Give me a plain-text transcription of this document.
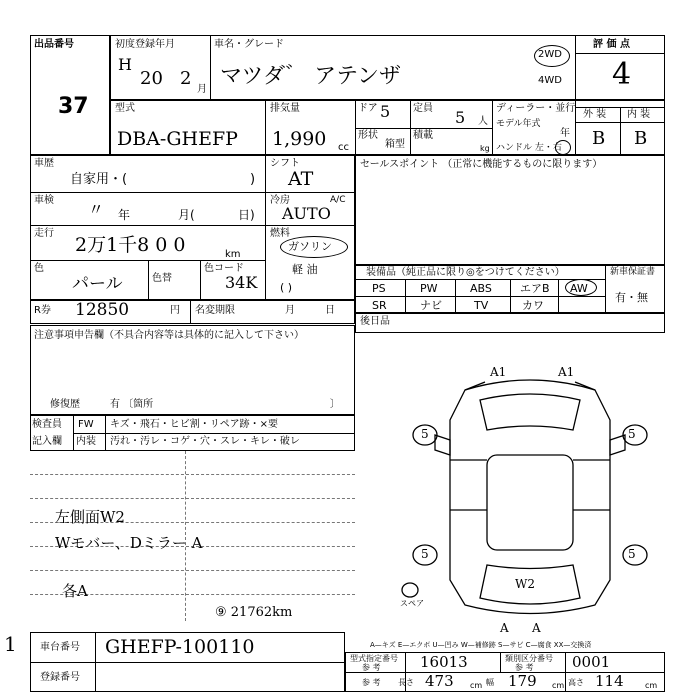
出品番号
37
初度登録年月
H
20 2
月
車名・グレード
マツダ゛ アテンザ
2WD
4WD
評 価 点
4
型式
DBA-GHEFP
排気量
1,990 cc
ドア 5 定員 5 人
ディーラー・並行
モデル年式
年
外 装 内 装
B B
形状
箱型
積載
kg ハンドル 左・右
車歴
自家用・(	)
シフト
AT
車検 〃 年	月(	日)
冷房	A/C
AUTO
走行
2万1千8 0 0	km
燃料
ガソリン
軽 油
( )
色
パール	色替
色コード
34K
R券 12850	円 名変期限	月	日
セールスポイント （正常に機能するものに限ります）
装備品（純正品に限り◎をつけてください）
PS	PW	ABS	エアB AW
SR	ナビ	TV	カワ
新車保証書
有・無
後日品
注意事項申告欄（不具合内容等は具体的に記入して下さい）
修復歴	有 〔箇所	〕
検査員
記入欄
FW キズ・飛石・ヒビ割・リペア跡・×要
内装 汚れ・汚レ・コゲ・穴・スレ・キレ・破レ
左側面W2
Wモバー、Dミラー A
各A
⑨ 21762km
A1	A1
5	5
5	5
W2
A A
スペア
A—キズ E—エクボ U—凹み W—補修跡 S—サビ C—腐食 XX—交換済
1 車台番号 GHEFP-100110
登録番号
型式指定番号
参 考	16013	類別区分番号
参 考	0001
参 考 長さ 473 cm 幅 179 cm 高さ 114	cm
